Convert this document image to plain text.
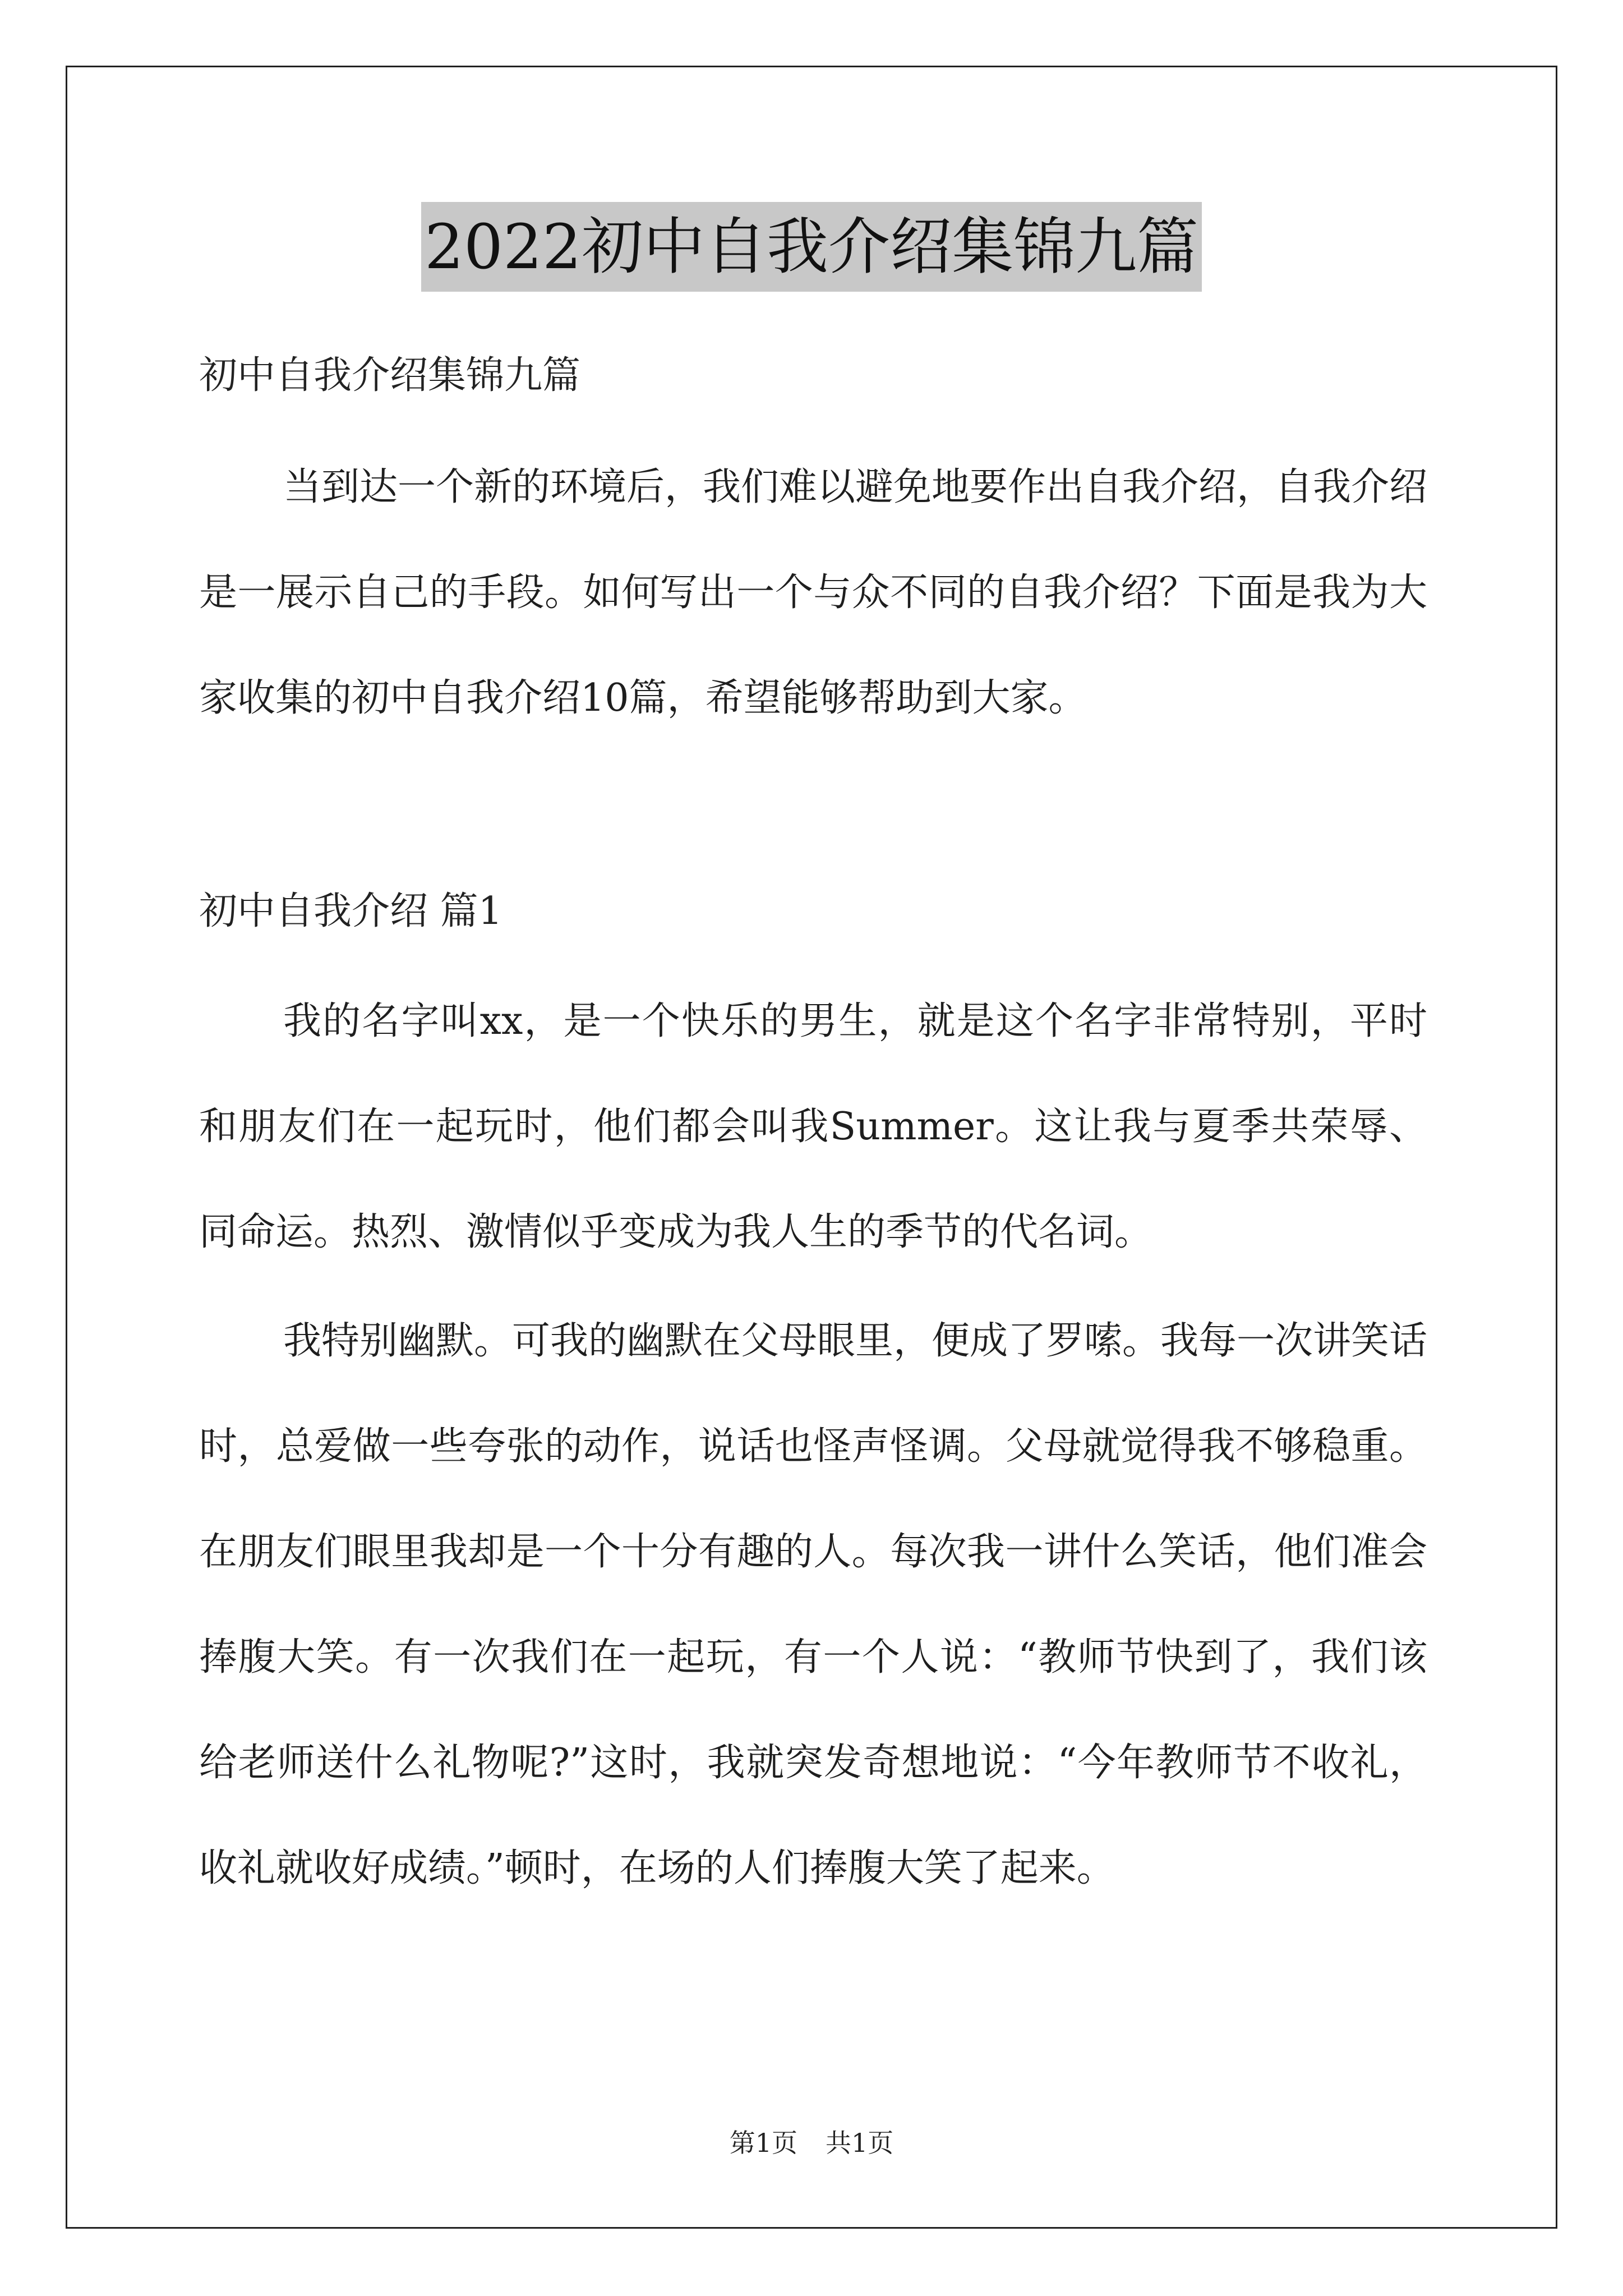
2022初中自我介绍集锦九篇
初中自我介绍集锦九篇
当到达一个新的环境后，我们难以避免地要作出自我介绍，自我介绍是一展示自己的手段。如何写出一个与众不同的自我介绍？下面是我为大家收集的初中自我介绍10篇，希望能够帮助到大家。
初中自我介绍 篇1
我的名字叫xx，是一个快乐的男生，就是这个名字非常特别，平时和朋友们在一起玩时，他们都会叫我Summer。这让我与夏季共荣辱、同命运。热烈、激情似乎变成为我人生的季节的代名词。
我特别幽默。可我的幽默在父母眼里，便成了罗嗦。我每一次讲笑话时，总爱做一些夸张的动作，说话也怪声怪调。父母就觉得我不够稳重。在朋友们眼里我却是一个十分有趣的人。每次我一讲什么笑话，他们准会捧腹大笑。有一次我们在一起玩，有一个人说：“教师节快到了，我们该给老师送什么礼物呢?”这时，我就突发奇想地说：“今年教师节不收礼，收礼就收好成绩。”顿时，在场的人们捧腹大笑了起来。
第1页 共1页
